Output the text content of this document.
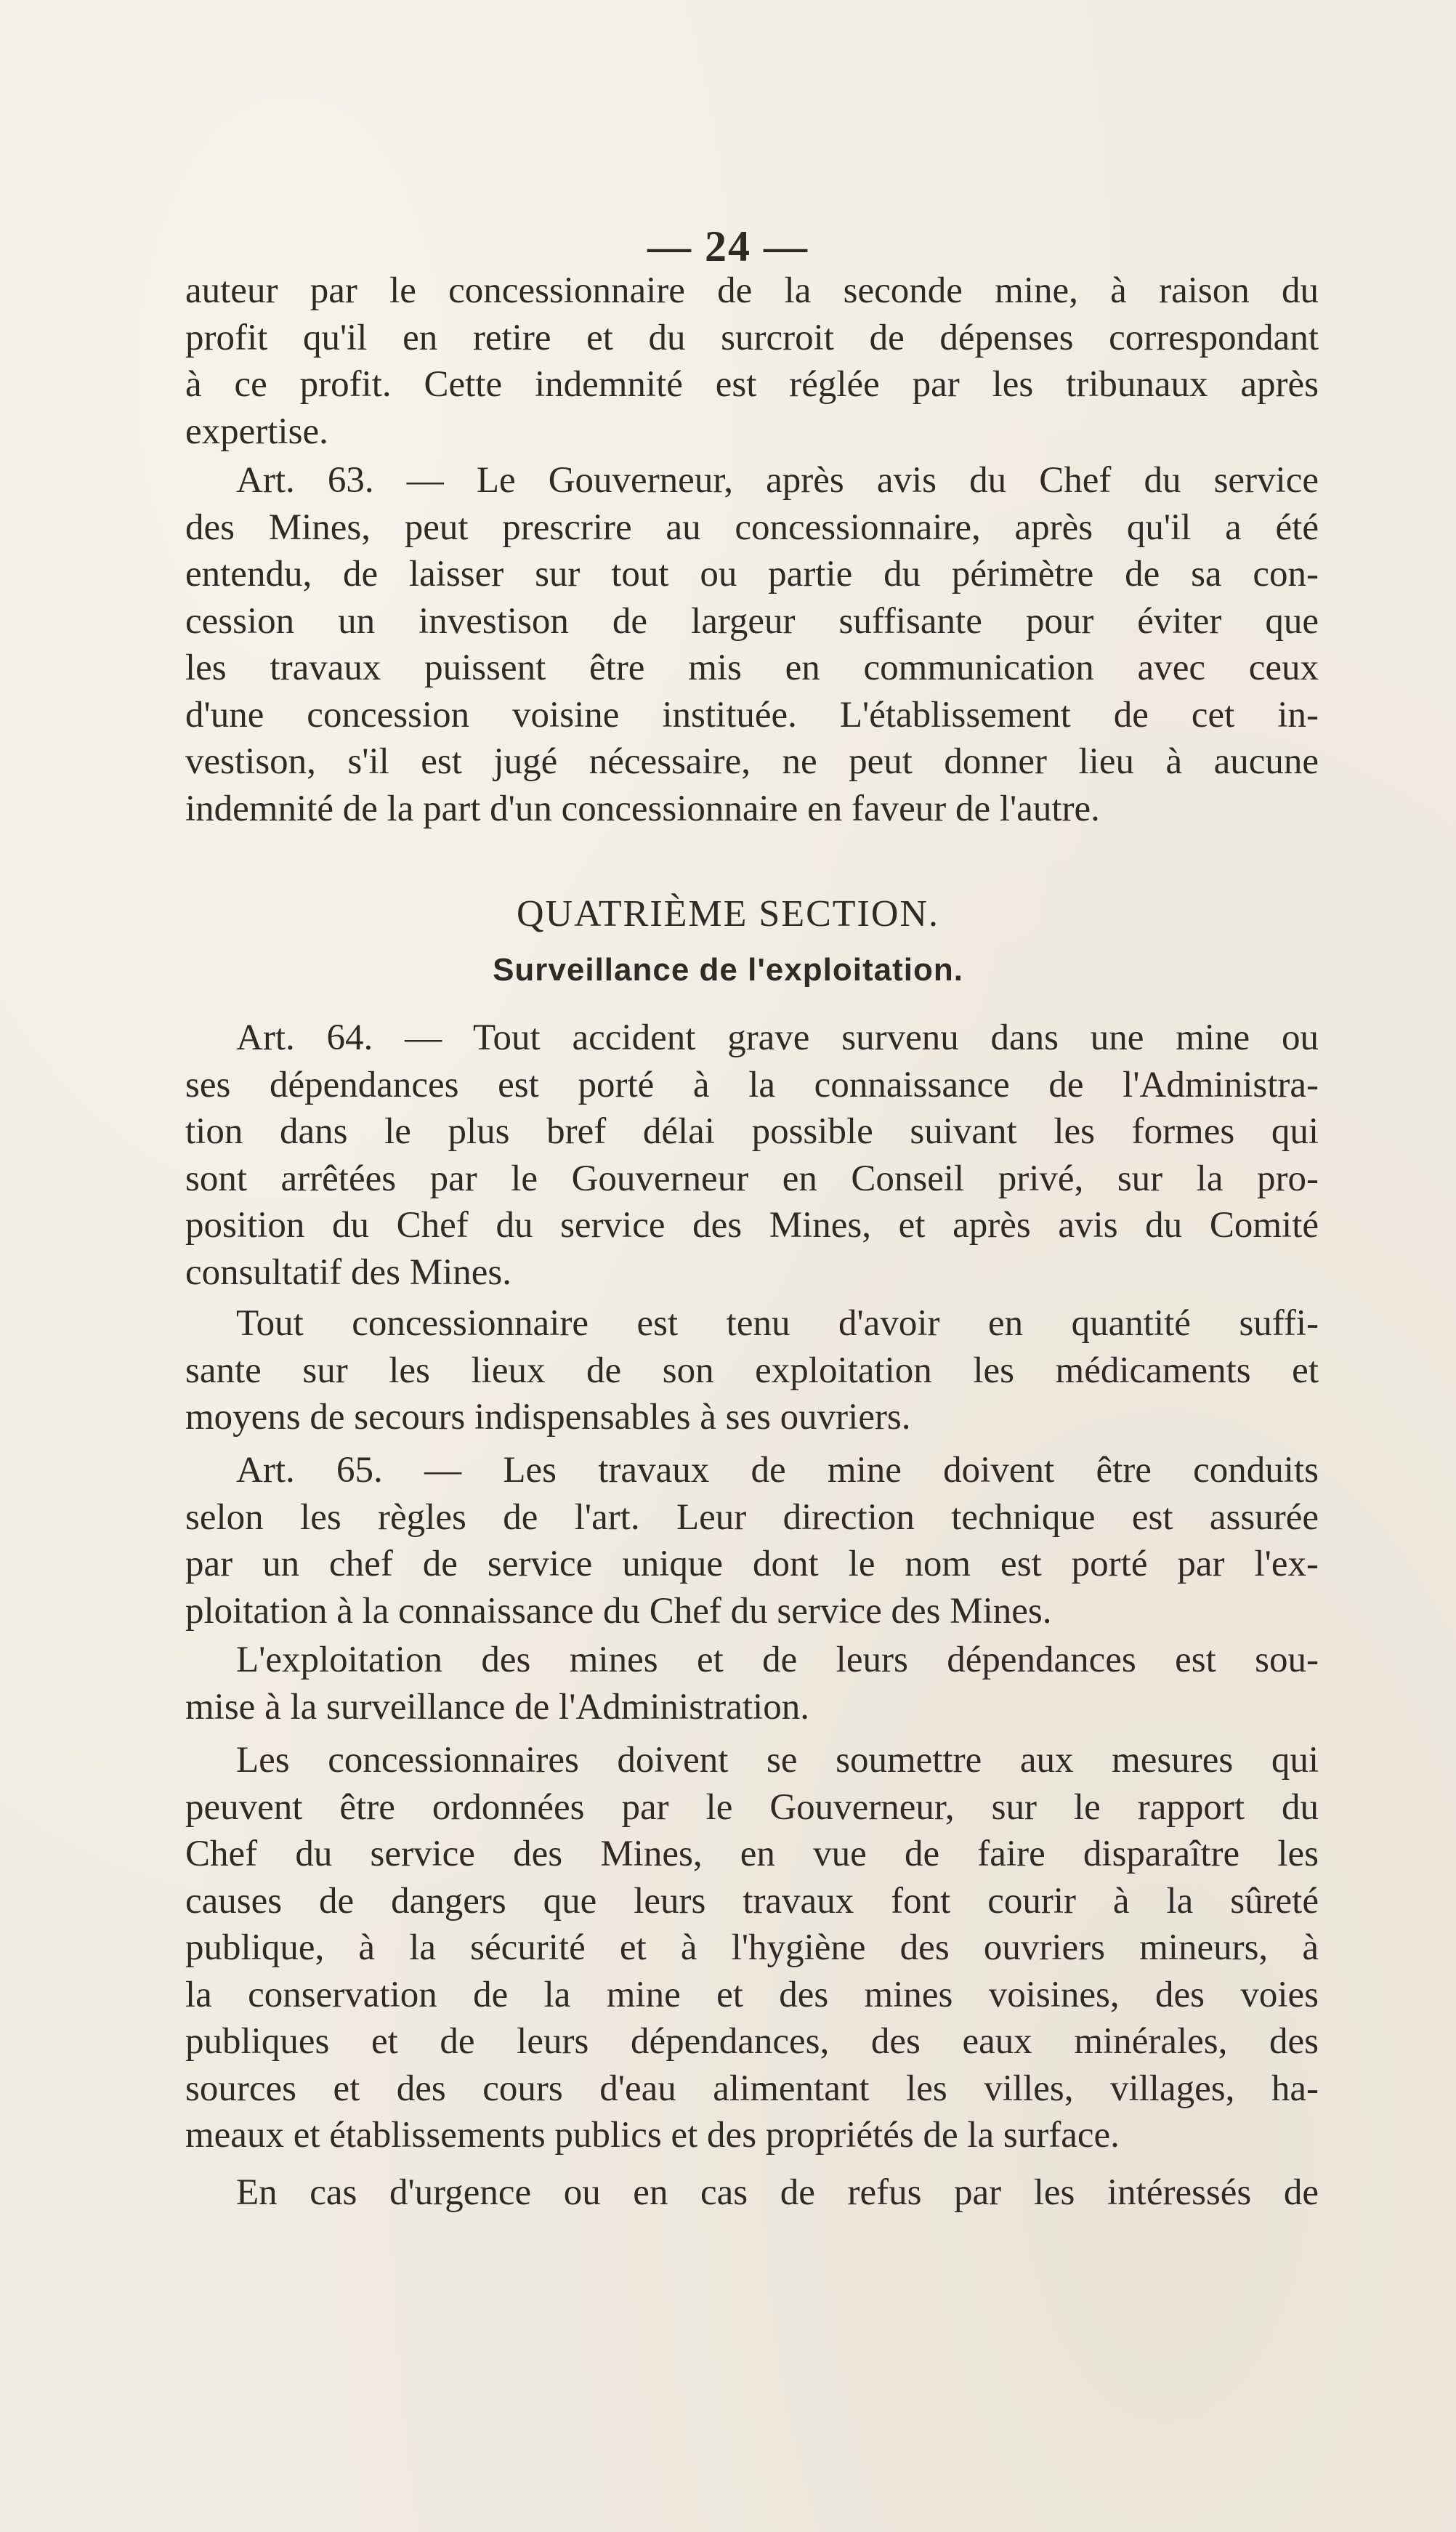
— 24 —
auteur par le concessionnaire de la seconde mine, à raison du
profit qu'il en retire et du surcroit de dépenses correspondant
à ce profit. Cette indemnité est réglée par les tribunaux après
expertise.
Art. 63. — Le Gouverneur, après avis du Chef du service
des Mines, peut prescrire au concessionnaire, après qu'il a été
entendu, de laisser sur tout ou partie du périmètre de sa con-
cession un investison de largeur suffisante pour éviter que
les travaux puissent être mis en communication avec ceux
d'une concession voisine instituée. L'établissement de cet in-
vestison, s'il est jugé nécessaire, ne peut donner lieu à aucune
indemnité de la part d'un concessionnaire en faveur de l'autre.
QUATRIÈME SECTION.
Surveillance de l'exploitation.
Art. 64. — Tout accident grave survenu dans une mine ou
ses dépendances est porté à la connaissance de l'Administra-
tion dans le plus bref délai possible suivant les formes qui
sont arrêtées par le Gouverneur en Conseil privé, sur la pro-
position du Chef du service des Mines, et après avis du Comité
consultatif des Mines.
Tout concessionnaire est tenu d'avoir en quantité suffi-
sante sur les lieux de son exploitation les médicaments et
moyens de secours indispensables à ses ouvriers.
Art. 65. — Les travaux de mine doivent être conduits
selon les règles de l'art. Leur direction technique est assurée
par un chef de service unique dont le nom est porté par l'ex-
ploitation à la connaissance du Chef du service des Mines.
L'exploitation des mines et de leurs dépendances est sou-
mise à la surveillance de l'Administration.
Les concessionnaires doivent se soumettre aux mesures qui
peuvent être ordonnées par le Gouverneur, sur le rapport du
Chef du service des Mines, en vue de faire disparaître les
causes de dangers que leurs travaux font courir à la sûreté
publique, à la sécurité et à l'hygiène des ouvriers mineurs, à
la conservation de la mine et des mines voisines, des voies
publiques et de leurs dépendances, des eaux minérales, des
sources et des cours d'eau alimentant les villes, villages, ha-
meaux et établissements publics et des propriétés de la surface.
En cas d'urgence ou en cas de refus par les intéressés de
